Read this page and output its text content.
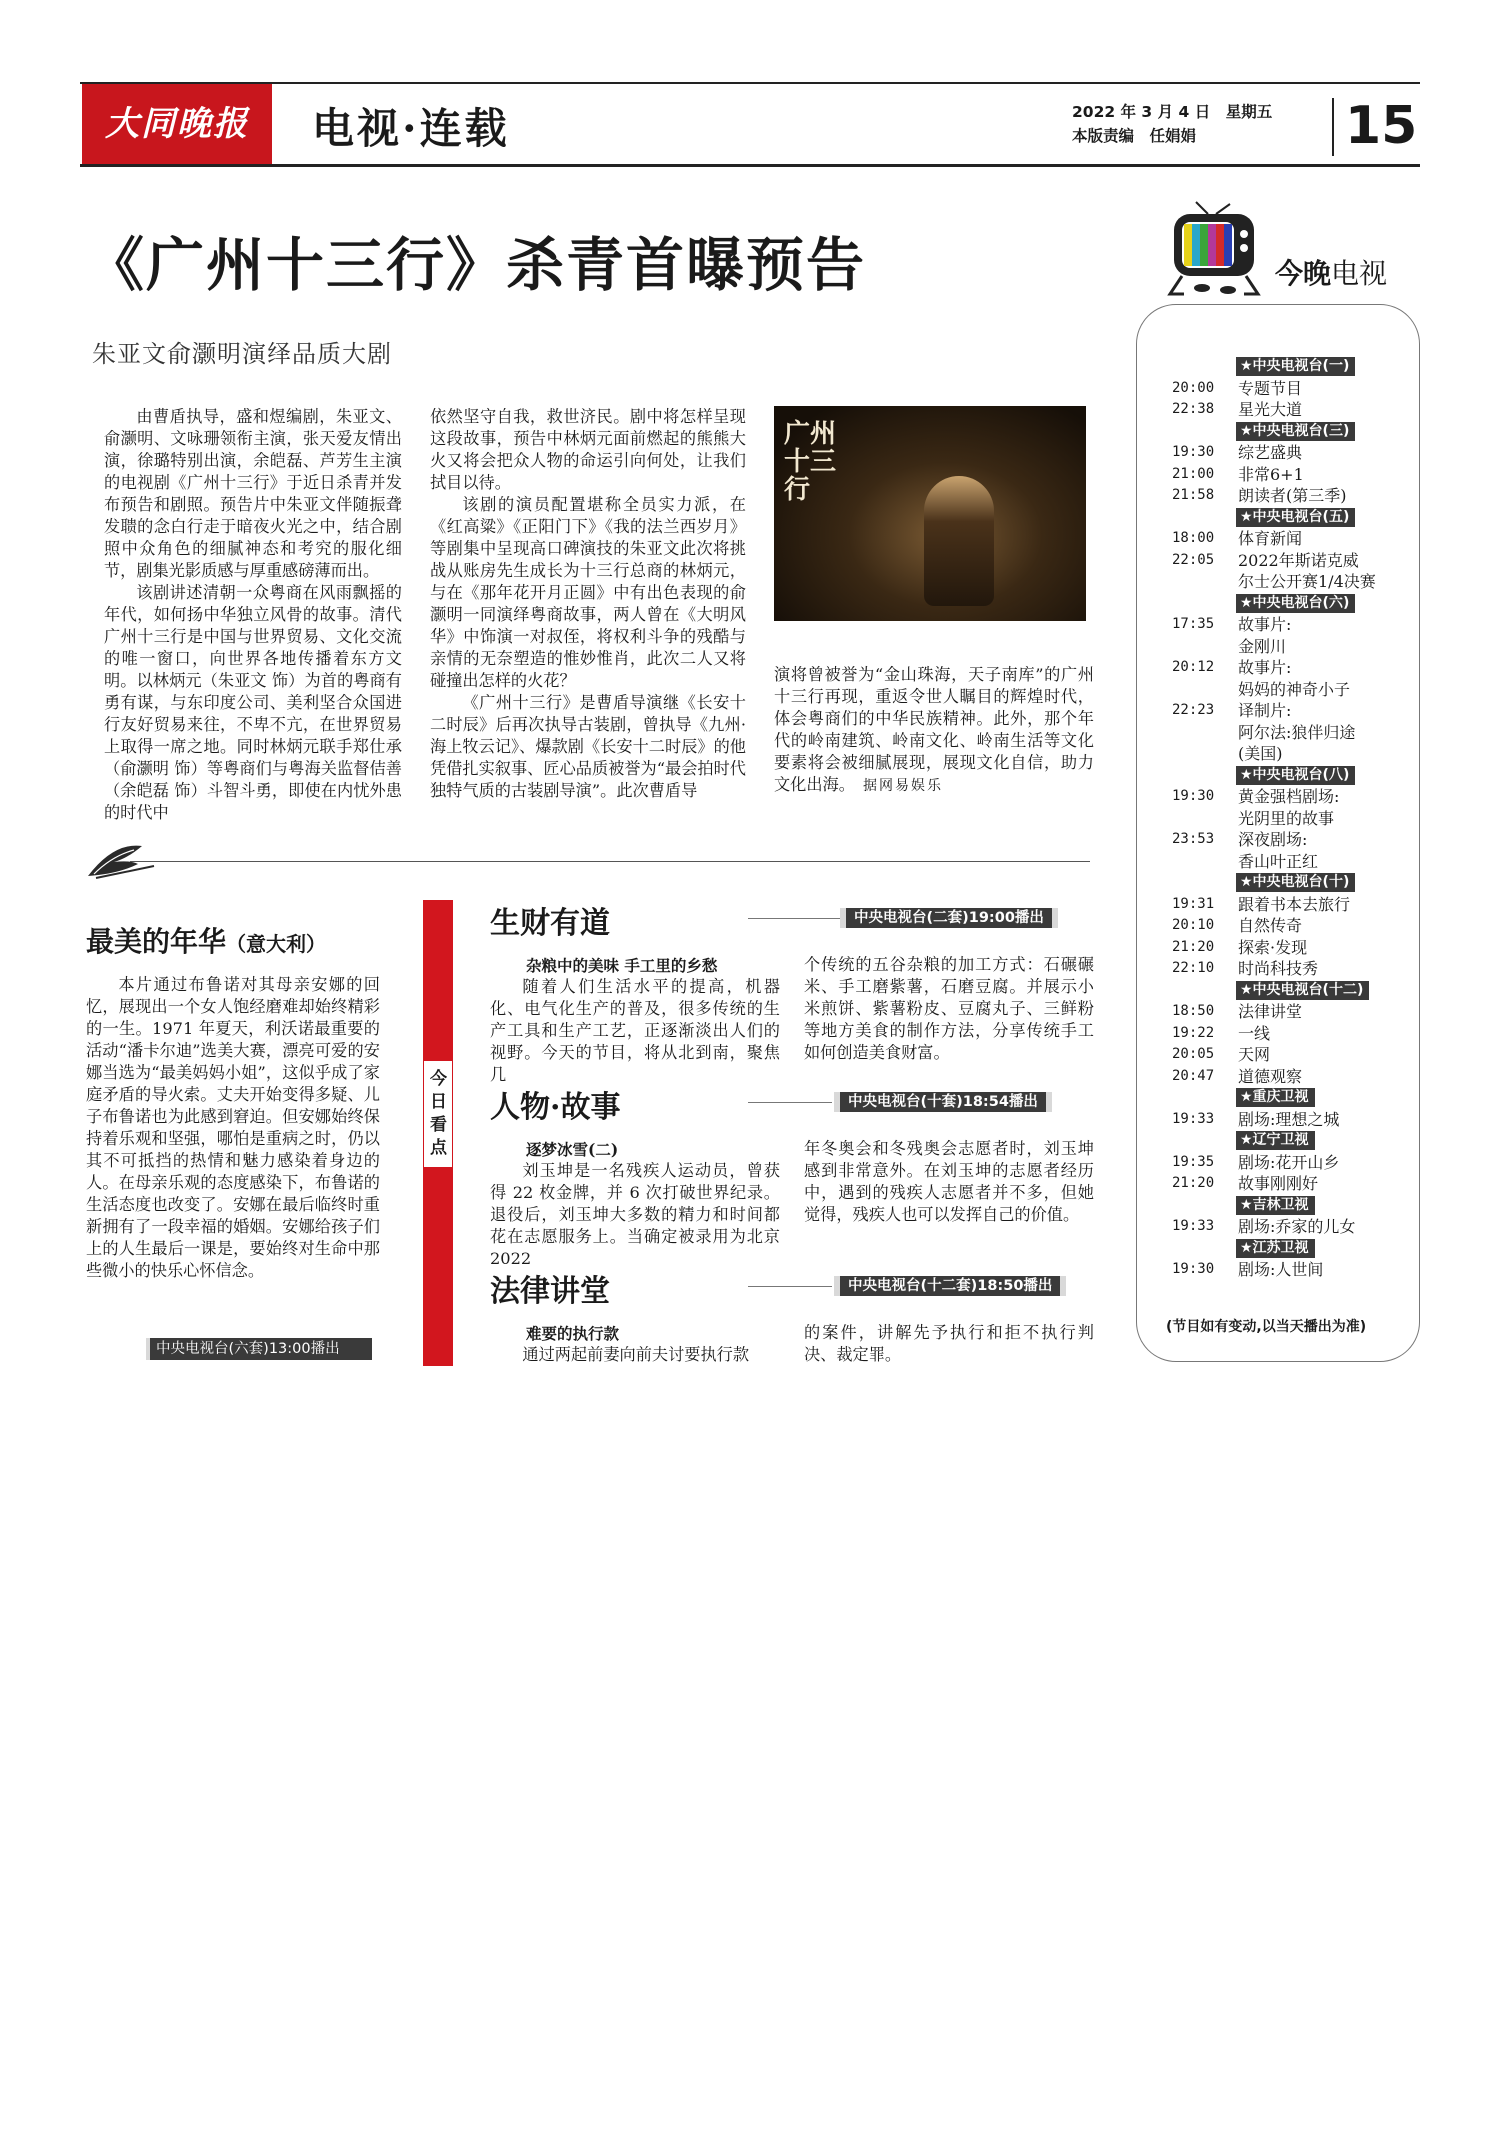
大同晚报	电视·连载	2022 年 3 月 4 日　星期五
本版责编　任娟娟	15
《广州十三行》杀青首曝预告
朱亚文俞灏明演绎品质大剧

由曹盾执导，盛和煜编剧，朱亚文、俞灏明、文咏珊领衔主演，张天爱友情出演，徐璐特别出演，余皑磊、芦芳生主演的电视剧《广州十三行》于近日杀青并发布预告和剧照。预告片中朱亚文伴随振聋发聩的念白行走于暗夜火光之中，结合剧照中众角色的细腻神态和考究的服化细节，剧集光影质感与厚重感磅薄而出。

该剧讲述清朝一众粤商在风雨飘摇的年代，如何扬中华独立风骨的故事。清代广州十三行是中国与世界贸易、文化交流的唯一窗口，向世界各地传播着东方文明。以林炳元（朱亚文 饰）为首的粤商有勇有谋，与东印度公司、美利坚合众国进行友好贸易来往，不卑不亢，在世界贸易上取得一席之地。同时林炳元联手郑仕承（俞灏明 饰）等粤商们与粤海关监督佶善（余皑磊 饰）斗智斗勇，即使在内忧外患的时代中

依然坚守自我，救世济民。剧中将怎样呈现这段故事，预告中林炳元面前燃起的熊熊大火又将会把众人物的命运引向何处，让我们拭目以待。

该剧的演员配置堪称全员实力派，在《红高粱》《正阳门下》《我的法兰西岁月》等剧集中呈现高口碑演技的朱亚文此次将挑战从账房先生成长为十三行总商的林炳元，与在《那年花开月正圆》中有出色表现的俞灏明一同演绎粤商故事，两人曾在《大明风华》中饰演一对叔侄，将权利斗争的残酷与亲情的无奈塑造的惟妙惟肖，此次二人又将碰撞出怎样的火花？

《广州十三行》是曹盾导演继《长安十二时辰》后再次执导古装剧，曾执导《九州·海上牧云记》、爆款剧《长安十二时辰》的他凭借扎实叙事、匠心品质被誉为“最会拍时代独特气质的古装剧导演”。此次曹盾导

广州十三行

演将曾被誉为“金山珠海，天子南库”的广州十三行再现，重返令世人瞩目的辉煌时代，体会粤商们的中华民族精神。此外，那个年代的岭南建筑、岭南文化、岭南生活等文化要素将会被细腻展现，展现文化自信，助力文化出海。　 据网易娱乐

最美的年华（意大利）

本片通过布鲁诺对其母亲安娜的回忆，展现出一个女人饱经磨难却始终精彩的一生。1971 年夏天，利沃诺最重要的活动“潘卡尔迪”选美大赛，漂亮可爱的安娜当选为“最美妈妈小姐”，这似乎成了家庭矛盾的导火索。丈夫开始变得多疑、儿子布鲁诺也为此感到窘迫。但安娜始终保持着乐观和坚强，哪怕是重病之时，仍以其不可抵挡的热情和魅力感染着身边的人。在母亲乐观的态度感染下，布鲁诺的生活态度也改变了。安娜在最后临终时重新拥有了一段幸福的婚姻。安娜给孩子们上的人生最后一课是，要始终对生命中那些微小的快乐心怀信念。

中央电视台(六套)13:00播出
今日看点
生财有道	中央电视台(二套)19:00播出
杂粮中的美味 手工里的乡愁

随着人们生活水平的提高，机器化、电气化生产的普及，很多传统的生产工具和生产工艺，正逐渐淡出人们的视野。今天的节目，将从北到南，聚焦几

个传统的五谷杂粮的加工方式：石碾碾米、手工磨紫薯，石磨豆腐。并展示小米煎饼、紫薯粉皮、豆腐丸子、三鲜粉等地方美食的制作方法，分享传统手工如何创造美食财富。

人物·故事	中央电视台(十套)18:54播出
逐梦冰雪(二)

刘玉坤是一名残疾人运动员，曾获得 22 枚金牌，并 6 次打破世界纪录。退役后，刘玉坤大多数的精力和时间都花在志愿服务上。当确定被录用为北京 2022

年冬奥会和冬残奥会志愿者时，刘玉坤感到非常意外。在刘玉坤的志愿者经历中，遇到的残疾人志愿者并不多，但她觉得，残疾人也可以发挥自己的价值。

法律讲堂	中央电视台(十二套)18:50播出
难要的执行款

通过两起前妻向前夫讨要执行款

的案件，讲解先予执行和拒不执行判决、裁定罪。

今晚电视
★中央电视台(一)
20:00 专题节目
22:38 星光大道
★中央电视台(三)
19:30 综艺盛典
21:00 非常6+1
21:58 朗读者(第三季)
★中央电视台(五)
18:00 体育新闻
22:05 2022年斯诺克威
尔士公开赛1/4决赛
★中央电视台(六)
17:35 故事片:
金刚川
20:12 故事片:
妈妈的神奇小子
22:23 译制片:
阿尔法:狼伴归途
(美国)
★中央电视台(八)
19:30 黄金强档剧场:
光阴里的故事
23:53 深夜剧场:
香山叶正红
★中央电视台(十)
19:31 跟着书本去旅行
20:10 自然传奇
21:20 探索·发现
22:10 时尚科技秀
★中央电视台(十二)
18:50 法律讲堂
19:22 一线
20:05 天网
20:47 道德观察
★重庆卫视
19:33 剧场:理想之城
★辽宁卫视
19:35 剧场:花开山乡
21:20 故事刚刚好
★吉林卫视
19:33 剧场:乔家的儿女
★江苏卫视
19:30 剧场:人世间
(节目如有变动,以当天播出为准)
